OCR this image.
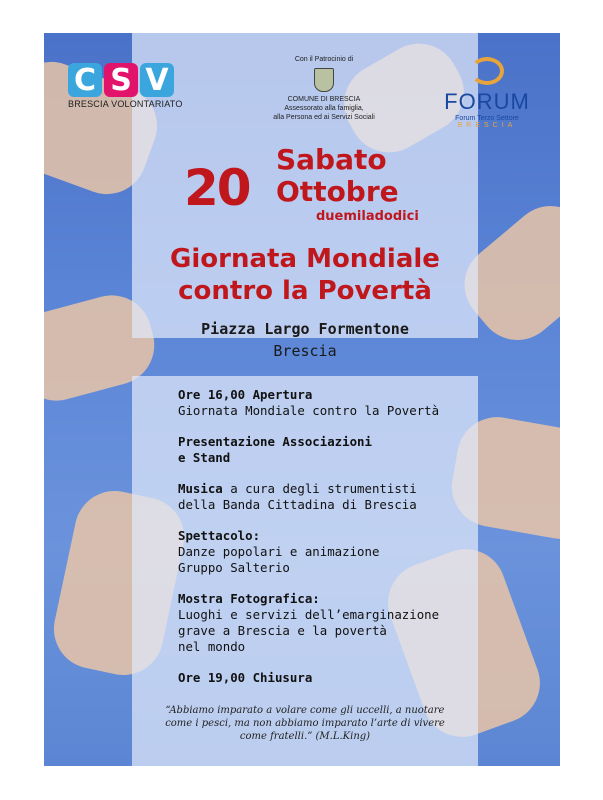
C S V
BRESCIA VOLONTARIATO
Con il Patrocinio di
COMUNE DI BRESCIA
Assessorato alla famiglia,
alla Persona ed ai Servizi Sociali
FORUM
Forum Terzo Settore
BRESCIA
20 Sabato
Ottobre
duemiladodici
Giornata Mondiale
contro la Povertà
Piazza Largo Formentone
Brescia
Ore 16,00 Apertura
Giornata Mondiale contro la Povertà
Presentazione Associazioni
e Stand
Musica a cura degli strumentisti
della Banda Cittadina di Brescia
Spettacolo:
Danze popolari e animazione
Gruppo Salterio
Mostra Fotografica:
Luoghi e servizi dell’emarginazione
grave a Brescia e la povertà
nel mondo
Ore 19,00 Chiusura
“Abbiamo imparato a volare come gli uccelli, a nuotare
come i pesci, ma non abbiamo imparato l’arte di vivere
come fratelli.” (M.L.King)
